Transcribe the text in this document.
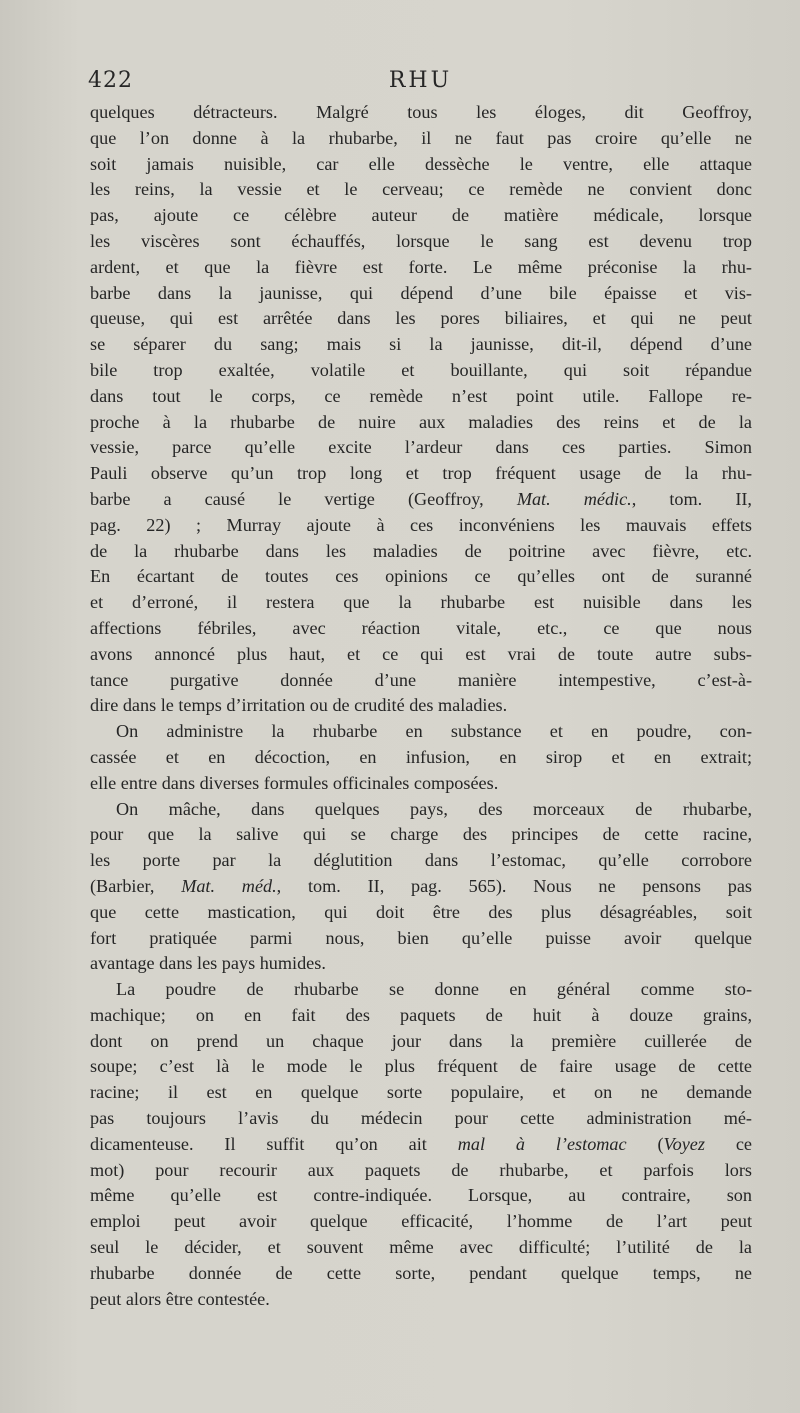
422	RHU

quelques détracteurs. Malgré tous les éloges, dit Geoffroy,
que l’on donne à la rhubarbe, il ne faut pas croire qu’elle ne
soit jamais nuisible, car elle dessèche le ventre, elle attaque
les reins, la vessie et le cerveau; ce remède ne convient donc
pas, ajoute ce célèbre auteur de matière médicale, lorsque
les viscères sont échauffés, lorsque le sang est devenu trop
ardent, et que la fièvre est forte. Le même préconise la rhu-
barbe dans la jaunisse, qui dépend d’une bile épaisse et vis-
queuse, qui est arrêtée dans les pores biliaires, et qui ne peut
se séparer du sang; mais si la jaunisse, dit-il, dépend d’une
bile trop exaltée, volatile et bouillante, qui soit répandue
dans tout le corps, ce remède n’est point utile. Fallope re-
proche à la rhubarbe de nuire aux maladies des reins et de la
vessie, parce qu’elle excite l’ardeur dans ces parties. Simon
Pauli observe qu’un trop long et trop fréquent usage de la rhu-
barbe a causé le vertige (Geoffroy, Mat. médic., tom. II,
pag. 22) ; Murray ajoute à ces inconvéniens les mauvais effets
de la rhubarbe dans les maladies de poitrine avec fièvre, etc.
En écartant de toutes ces opinions ce qu’elles ont de suranné
et d’erroné, il restera que la rhubarbe est nuisible dans les
affections fébriles, avec réaction vitale, etc., ce que nous
avons annoncé plus haut, et ce qui est vrai de toute autre subs-
tance purgative donnée d’une manière intempestive, c’est-à-
dire dans le temps d’irritation ou de crudité des maladies.

On administre la rhubarbe en substance et en poudre, con-
cassée et en décoction, en infusion, en sirop et en extrait;
elle entre dans diverses formules officinales composées.

On mâche, dans quelques pays, des morceaux de rhubarbe,
pour que la salive qui se charge des principes de cette racine,
les porte par la déglutition dans l’estomac, qu’elle corrobore
(Barbier, Mat. méd., tom. II, pag. 565). Nous ne pensons pas
que cette mastication, qui doit être des plus désagréables, soit
fort pratiquée parmi nous, bien qu’elle puisse avoir quelque
avantage dans les pays humides.

La poudre de rhubarbe se donne en général comme sto-
machique; on en fait des paquets de huit à douze grains,
dont on prend un chaque jour dans la première cuillerée de
soupe; c’est là le mode le plus fréquent de faire usage de cette
racine; il est en quelque sorte populaire, et on ne demande
pas toujours l’avis du médecin pour cette administration mé-
dicamenteuse. Il suffit qu’on ait mal à l’estomac (Voyez ce
mot) pour recourir aux paquets de rhubarbe, et parfois lors
même qu’elle est contre-indiquée. Lorsque, au contraire, son
emploi peut avoir quelque efficacité, l’homme de l’art peut
seul le décider, et souvent même avec difficulté; l’utilité de la
rhubarbe donnée de cette sorte, pendant quelque temps, ne
peut alors être contestée.
